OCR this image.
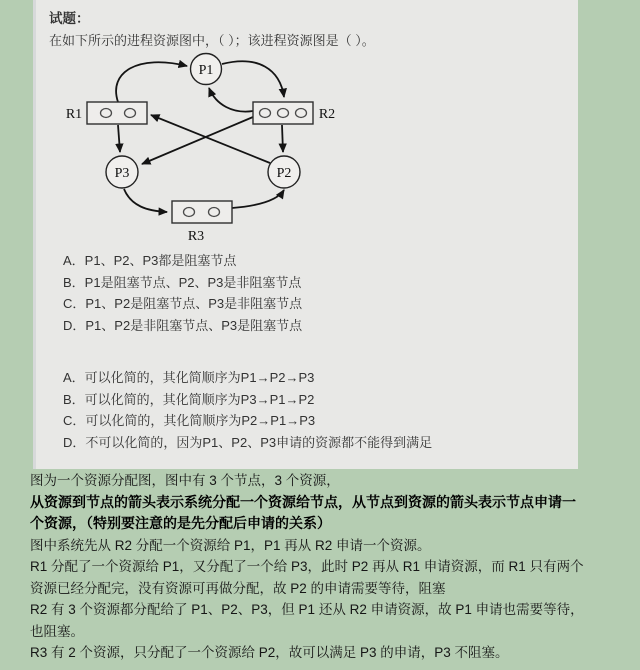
试题：
在如下所示的进程资源图中，（ ）；该进程资源图是（ ）。
P1
P3	P2
R1	R2
R3
A．P1、P2、P3都是阻塞节点
B．P1是阻塞节点、P2、P3是非阻塞节点
C．P1、P2是阻塞节点、P3是非阻塞节点
D．P1、P2是非阻塞节点、P3是阻塞节点
A．可以化简的，其化简顺序为P1→P2→P3
B．可以化简的，其化简顺序为P3→P1→P2
C．可以化简的，其化简顺序为P2→P1→P3
D．不可以化简的，因为P1、P2、P3申请的资源都不能得到满足
图为一个资源分配图，图中有 3 个节点，3 个资源，
从资源到节点的箭头表示系统分配一个资源给节点，从节点到资源的箭头表示节点申请一
个资源，（特别要注意的是先分配后申请的关系）
图中系统先从 R2 分配一个资源给 P1，P1 再从 R2 申请一个资源。
R1 分配了一个资源给 P1，又分配了一个给 P3，此时 P2 再从 R1 申请资源，而 R1 只有两个
资源已经分配完，没有资源可再做分配，故 P2 的申请需要等待，阻塞
R2 有 3 个资源都分配给了 P1、P2、P3，但 P1 还从 R2 申请资源，故 P1 申请也需要等待，
也阻塞。
R3 有 2 个资源，只分配了一个资源给 P2，故可以满足 P3 的申请，P3 不阻塞。
